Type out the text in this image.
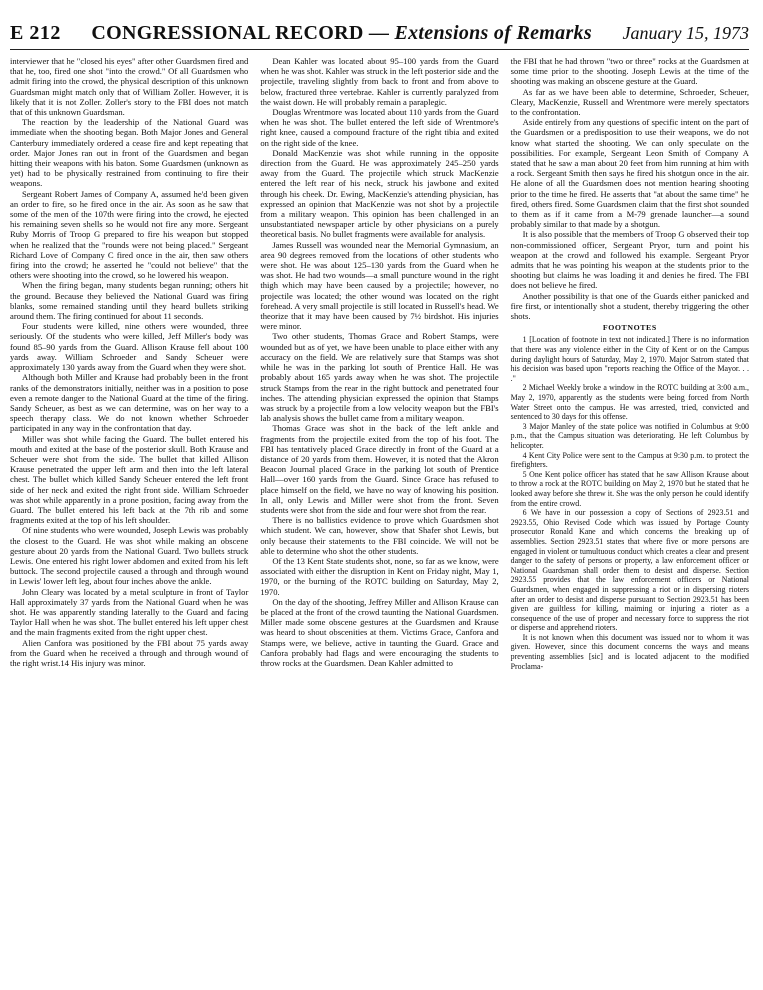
E 212 CONGRESSIONAL RECORD — Extensions of Remarks January 15, 1973

interviewer that he "closed his eyes" after other Guardsmen fired and that he, too, fired one shot "into the crowd." Of all Guardsmen who admit firing into the crowd, the physical description of this unknown Guardsman might match only that of William Zoller. However, it is likely that it is not Zoller. Zoller's story to the FBI does not match that of this unknown Guardsman.

The reaction by the leadership of the National Guard was immediate when the shooting began. Both Major Jones and General Canterbury immediately ordered a cease fire and kept repeating that order. Major Jones ran out in front of the Guardsmen and began hitting their weapons with his baton. Some Guardsmen (unknown as yet) had to be physically restrained from continuing to fire their weapons.

Sergeant Robert James of Company A, assumed he'd been given an order to fire, so he fired once in the air. As soon as he saw that some of the men of the 107th were firing into the crowd, he ejected his remaining seven shells so he would not fire any more. Sergeant Ruby Morris of Troop G prepared to fire his weapon but stopped when he realized that the "rounds were not being placed." Sergeant Richard Love of Company C fired once in the air, then saw others firing into the crowd; he asserted he "could not believe" that the others were shooting into the crowd, so he lowered his weapon.

When the firing began, many students began running; others hit the ground. Because they believed the National Guard was firing blanks, some remained standing until they heard bullets striking around them. The firing continued for about 11 seconds.

Four students were killed, nine others were wounded, three seriously. Of the students who were killed, Jeff Miller's body was found 85–90 yards from the Guard. Allison Krause fell about 100 yards away. William Schroeder and Sandy Scheuer were approximately 130 yards away from the Guard when they were shot.

Although both Miller and Krause had probably been in the front ranks of the demonstrators initially, neither was in a position to pose even a remote danger to the National Guard at the time of the firing. Sandy Scheuer, as best as we can determine, was on her way to a speech therapy class. We do not known whether Schroeder participated in any way in the confrontation that day.

Miller was shot while facing the Guard. The bullet entered his mouth and exited at the base of the posterior skull. Both Krause and Scheuer were shot from the side. The bullet that killed Allison Krause penetrated the upper left arm and then into the left lateral chest. The bullet which killed Sandy Scheuer entered the left front side of her neck and exited the right front side. William Schroeder was shot while apparently in a prone position, facing away from the Guard. The bullet entered his left back at the 7th rib and some fragments exited at the top of his left shoulder.

Of nine students who were wounded, Joseph Lewis was probably the closest to the Guard. He was shot while making an obscene gesture about 20 yards from the National Guard. Two bullets struck Lewis. One entered his right lower abdomen and exited from his left buttock. The second projectile caused a through and through wound in Lewis' lower left leg, about four inches above the ankle.

John Cleary was located by a metal sculpture in front of Taylor Hall approximately 37 yards from the National Guard when he was shot. He was apparently standing laterally to the Guard and facing Taylor Hall when he was shot. The bullet entered his left upper chest and the main fragments exited from the right upper chest.

Alien Canfora was positioned by the FBI about 75 yards away from the Guard when he received a through and through wound of the right wrist.14 His injury was minor.

Dean Kahler was located about 95–100 yards from the Guard when he was shot. Kahler was struck in the left posterior side and the projectile, traveling slightly from back to front and from above to below, fractured three vertebrae. Kahler is currently paralyzed from the waist down. He will probably remain a paraplegic.

Douglas Wrentmore was located about 110 yards from the Guard when he was shot. The bullet entered the left side of Wrentmore's right knee, caused a compound fracture of the right tibia and exited on the right side of the knee.

Donald MacKenzie was shot while running in the opposite direction from the Guard. He was approximately 245–250 yards away from the Guard. The projectile which struck MacKenzie entered the left rear of his neck, struck his jawbone and exited through his cheek. Dr. Ewing, MacKenzie's attending physician, has expressed an opinion that MacKenzie was not shot by a projectile from a military weapon. This opinion has been challenged in an unsubstantiated newspaper article by other physicians on a purely theoretical basis. No bullet fragments were available for analysis.

James Russell was wounded near the Memorial Gymnasium, an area 90 degrees removed from the locations of other students who were shot. He was about 125–130 yards from the Guard when he was shot. He had two wounds—a small puncture wound in the right thigh which may have been caused by a projectile; however, no projectile was located; the other wound was located on the right forehead. A very small projectile is still located in Russell's head. We theorize that it may have been caused by 7½ birdshot. His injuries were minor.

Two other students, Thomas Grace and Robert Stamps, were wounded but as of yet, we have been unable to place either with any accuracy on the field. We are relatively sure that Stamps was shot while he was in the parking lot south of Prentice Hall. He was probably about 165 yards away when he was shot. The projectile struck Stamps from the rear in the right buttock and penetrated four inches. The attending physician expressed the opinion that Stamps was struck by a projectile from a low velocity weapon but the FBI's lab analysis shows the bullet came from a military weapon.

Thomas Grace was shot in the back of the left ankle and fragments from the projectile exited from the top of his foot. The FBI has tentatively placed Grace directly in front of the Guard at a distance of 20 yards from them. However, it is noted that the Akron Beacon Journal placed Grace in the parking lot south of Prentice Hall—over 160 yards from the Guard. Since Grace has refused to place himself on the field, we have no way of knowing his position. In all, only Lewis and Miller were shot from the front. Seven students were shot from the side and four were shot from the rear.

There is no ballistics evidence to prove which Guardsmen shot which student. We can, however, show that Shafer shot Lewis, but only because their statements to the FBI coincide. We will not be able to determine who shot the other students.

Of the 13 Kent State students shot, none, so far as we know, were associated with either the disruption in Kent on Friday night, May 1, 1970, or the burning of the ROTC building on Saturday, May 2, 1970.

On the day of the shooting, Jeffrey Miller and Allison Krause can be placed at the front of the crowd taunting the National Guardsmen. Miller made some obscene gestures at the Guardsmen and Krause was heard to shout obscenities at them. Victims Grace, Canfora and Stamps were, we believe, active in taunting the Guard. Grace and Canfora probably had flags and were encouraging the students to throw rocks at the Guardsmen. Dean Kahler admitted to

the FBI that he had thrown "two or three" rocks at the Guardsmen at some time prior to the shooting. Joseph Lewis at the time of the shooting was making an obscene gesture at the Guard.

As far as we have been able to determine, Schroeder, Scheuer, Cleary, MacKenzie, Russell and Wrentmore were merely spectators to the confrontation.

Aside entirely from any questions of specific intent on the part of the Guardsmen or a predisposition to use their weapons, we do not know what started the shooting. We can only speculate on the possibilities. For example, Sergeant Leon Smith of Company A stated that he saw a man about 20 feet from him running at him with a rock. Sergeant Smith then says he fired his shotgun once in the air. He alone of all the Guardsmen does not mention hearing shooting prior to the time he fired. He asserts that "at about the same time" he fired, others fired. Some Guardsmen claim that the first shot sounded to them as if it came from a M-79 grenade launcher—a sound probably similar to that made by a shotgun.

It is also possible that the members of Troop G observed their top non-commissioned officer, Sergeant Pryor, turn and point his weapon at the crowd and followed his example. Sergeant Pryor admits that he was pointing his weapon at the students prior to the shooting but claims he was loading it and denies he fired. The FBI does not believe he fired.

Another possibility is that one of the Guards either panicked and fire first, or intentionally shot a student, thereby triggering the other shots.

FOOTNOTES

1 [Location of footnote in text not indicated.] There is no information that there was any violence either in the City of Kent or on the Campus during daylight hours of Saturday, May 2, 1970. Major Satrom stated that his decision was based upon "reports reaching the Office of the Mayor. . . ."

2 Michael Weekly broke a window in the ROTC building at 3:00 a.m., May 2, 1970, apparently as the students were being forced from North Water Street onto the campus. He was arrested, tried, convicted and sentenced to 30 days for this offense.

3 Major Manley of the state police was notified in Columbus at 9:00 p.m., that the Campus situation was deteriorating. He left Columbus by helicopter.

4 Kent City Police were sent to the Campus at 9:30 p.m. to protect the firefighters.

5 One Kent police officer has stated that he saw Allison Krause about to throw a rock at the ROTC building on May 2, 1970 but he stated that he looked away before she threw it. She was the only person he could identify from the entire crowd.

6 We have in our possession a copy of Sections of 2923.51 and 2923.55, Ohio Revised Code which was issued by Portage County prosecutor Ronald Kane and which concerns the breaking up of assemblies. Section 2923.51 states that where five or more persons are engaged in violent or tumultuous conduct which creates a clear and present danger to the safety of persons or property, a law enforcement officer or National Guardsman shall order them to desist and disperse. Section 2923.55 provides that the law enforcement officers or National Guardsmen, when engaged in suppressing a riot or in dispersing rioters after an order to desist and disperse pursuant to Section 2923.51 has been given are guiltless for killing, maiming or injuring a rioter as a consequence of the use of proper and necessary force to suppress the riot or disperse and apprehend rioters.

It is not known when this document was issued nor to whom it was given. However, since this document concerns the ways and means preventing assemblies [sic] and is located adjacent to the modified Proclama-
